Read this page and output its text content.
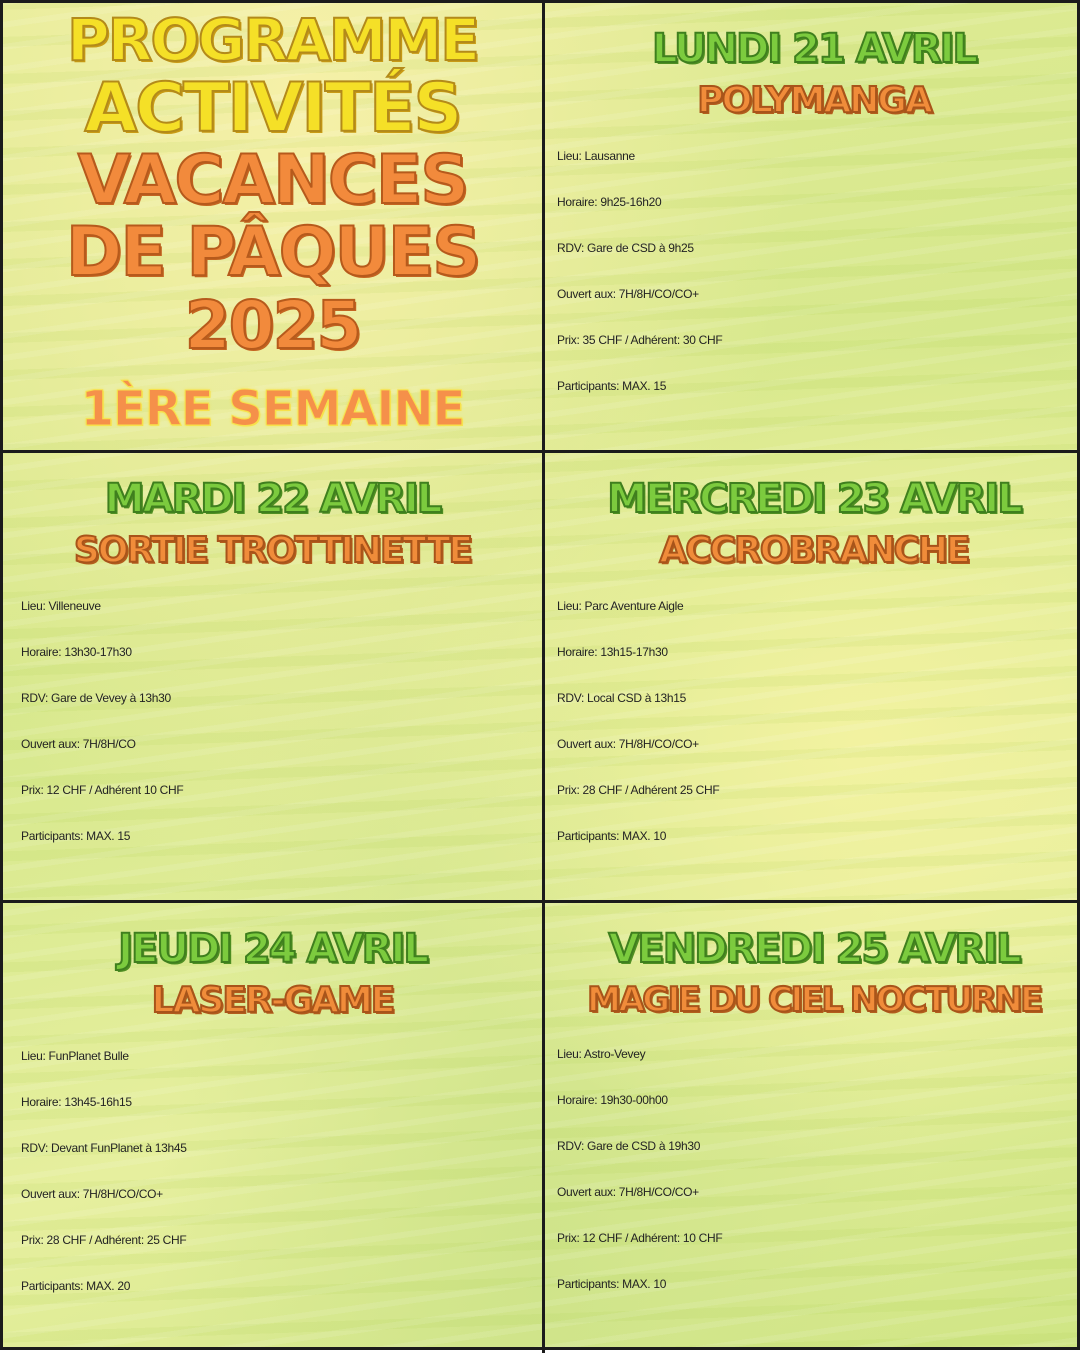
PROGRAMME
ACTIVITÉS
VACANCES
DE PÂQUES
2025
1ÈRE SEMAINE
LUNDI 21 AVRIL
POLYMANGA
Lieu: Lausanne
Horaire: 9h25-16h20
RDV: Gare de CSD à 9h25
Ouvert aux: 7H/8H/CO/CO+
Prix: 35 CHF / Adhérent: 30 CHF
Participants: MAX. 15
MARDI 22 AVRIL
SORTIE TROTTINETTE
Lieu: Villeneuve
Horaire: 13h30-17h30
RDV: Gare de Vevey à 13h30
Ouvert aux: 7H/8H/CO
Prix: 12 CHF / Adhérent 10 CHF
Participants: MAX. 15
MERCREDI 23 AVRIL
ACCROBRANCHE
Lieu: Parc Aventure Aigle
Horaire: 13h15-17h30
RDV: Local CSD à 13h15
Ouvert aux: 7H/8H/CO/CO+
Prix: 28 CHF / Adhérent 25 CHF
Participants: MAX. 10
JEUDI 24 AVRIL
LASER-GAME
Lieu: FunPlanet Bulle
Horaire: 13h45-16h15
RDV: Devant FunPlanet à 13h45
Ouvert aux: 7H/8H/CO/CO+
Prix: 28 CHF / Adhérent: 25 CHF
Participants: MAX. 20
VENDREDI 25 AVRIL
MAGIE DU CIEL NOCTURNE
Lieu: Astro-Vevey
Horaire: 19h30-00h00
RDV: Gare de CSD à 19h30
Ouvert aux: 7H/8H/CO/CO+
Prix: 12 CHF / Adhérent: 10 CHF
Participants: MAX. 10
